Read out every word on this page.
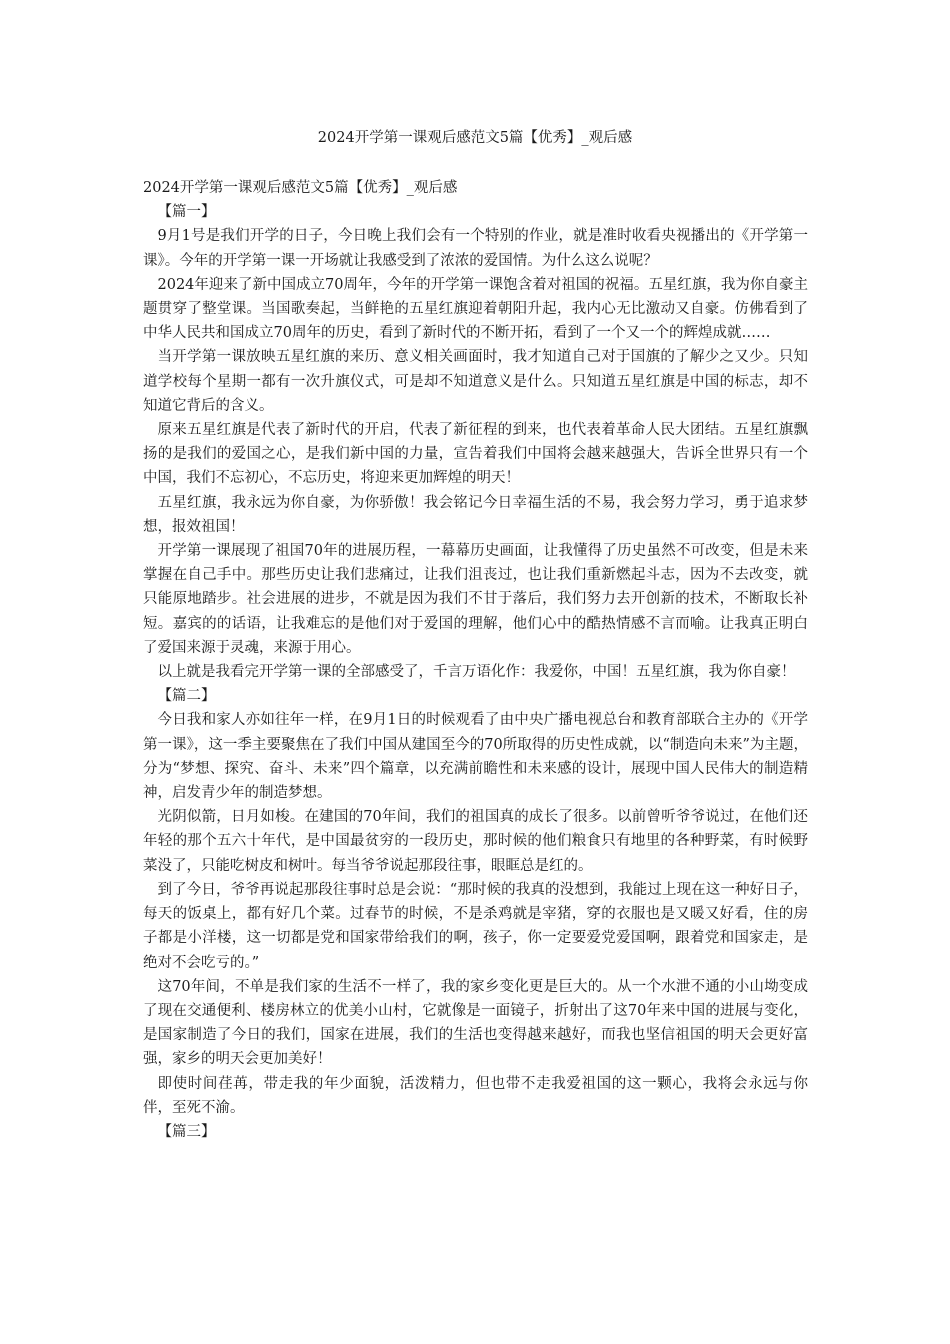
2024开学第一课观后感范文5篇【优秀】_观后感

2024开学第一课观后感范文5篇【优秀】_观后感

【篇一】

9月1号是我们开学的日子，今日晚上我们会有一个特别的作业，就是准时收看央视播出的《开学第一课》。今年的开学第一课一开场就让我感受到了浓浓的爱国情。为什么这么说呢？

2024年迎来了新中国成立70周年，今年的开学第一课饱含着对祖国的祝福。五星红旗，我为你自豪主题贯穿了整堂课。当国歌奏起，当鲜艳的五星红旗迎着朝阳升起，我内心无比激动又自豪。仿佛看到了中华人民共和国成立70周年的历史，看到了新时代的不断开拓，看到了一个又一个的辉煌成就……

当开学第一课放映五星红旗的来历、意义相关画面时，我才知道自己对于国旗的了解少之又少。只知道学校每个星期一都有一次升旗仪式，可是却不知道意义是什么。只知道五星红旗是中国的标志，却不知道它背后的含义。

原来五星红旗是代表了新时代的开启，代表了新征程的到来，也代表着革命人民大团结。五星红旗飘扬的是我们的爱国之心，是我们新中国的力量，宣告着我们中国将会越来越强大，告诉全世界只有一个中国，我们不忘初心，不忘历史，将迎来更加辉煌的明天！

五星红旗，我永远为你自豪，为你骄傲！我会铭记今日幸福生活的不易，我会努力学习，勇于追求梦想，报效祖国！

开学第一课展现了祖国70年的进展历程，一幕幕历史画面，让我懂得了历史虽然不可改变，但是未来掌握在自己手中。那些历史让我们悲痛过，让我们沮丧过，也让我们重新燃起斗志，因为不去改变，就只能原地踏步。社会进展的进步，不就是因为我们不甘于落后，我们努力去开创新的技术，不断取长补短。嘉宾的的话语，让我难忘的是他们对于爱国的理解，他们心中的酷热情感不言而喻。让我真正明白了爱国来源于灵魂，来源于用心。

以上就是我看完开学第一课的全部感受了，千言万语化作：我爱你，中国！五星红旗，我为你自豪！

【篇二】

今日我和家人亦如往年一样，在9月1日的时候观看了由中央广播电视总台和教育部联合主办的《开学第一课》，这一季主要聚焦在了我们中国从建国至今的70所取得的历史性成就，以“制造向未来”为主题，分为“梦想、探究、奋斗、未来”四个篇章，以充满前瞻性和未来感的设计，展现中国人民伟大的制造精神，启发青少年的制造梦想。

光阴似箭，日月如梭。在建国的70年间，我们的祖国真的成长了很多。以前曾听爷爷说过，在他们还年轻的那个五六十年代，是中国最贫穷的一段历史，那时候的他们粮食只有地里的各种野菜，有时候野菜没了，只能吃树皮和树叶。每当爷爷说起那段往事，眼眶总是红的。

到了今日，爷爷再说起那段往事时总是会说：“那时候的我真的没想到，我能过上现在这一种好日子，每天的饭桌上，都有好几个菜。过春节的时候，不是杀鸡就是宰猪，穿的衣服也是又暖又好看，住的房子都是小洋楼，这一切都是党和国家带给我们的啊，孩子，你一定要爱党爱国啊，跟着党和国家走，是绝对不会吃亏的。”

这70年间，不单是我们家的生活不一样了，我的家乡变化更是巨大的。从一个水泄不通的小山坳变成了现在交通便利、楼房林立的优美小山村，它就像是一面镜子，折射出了这70年来中国的进展与变化，是国家制造了今日的我们，国家在进展，我们的生活也变得越来越好，而我也坚信祖国的明天会更好富强，家乡的明天会更加美好！

即使时间荏苒，带走我的年少面貌，活泼精力，但也带不走我爱祖国的这一颗心，我将会永远与你伴，至死不渝。

【篇三】
